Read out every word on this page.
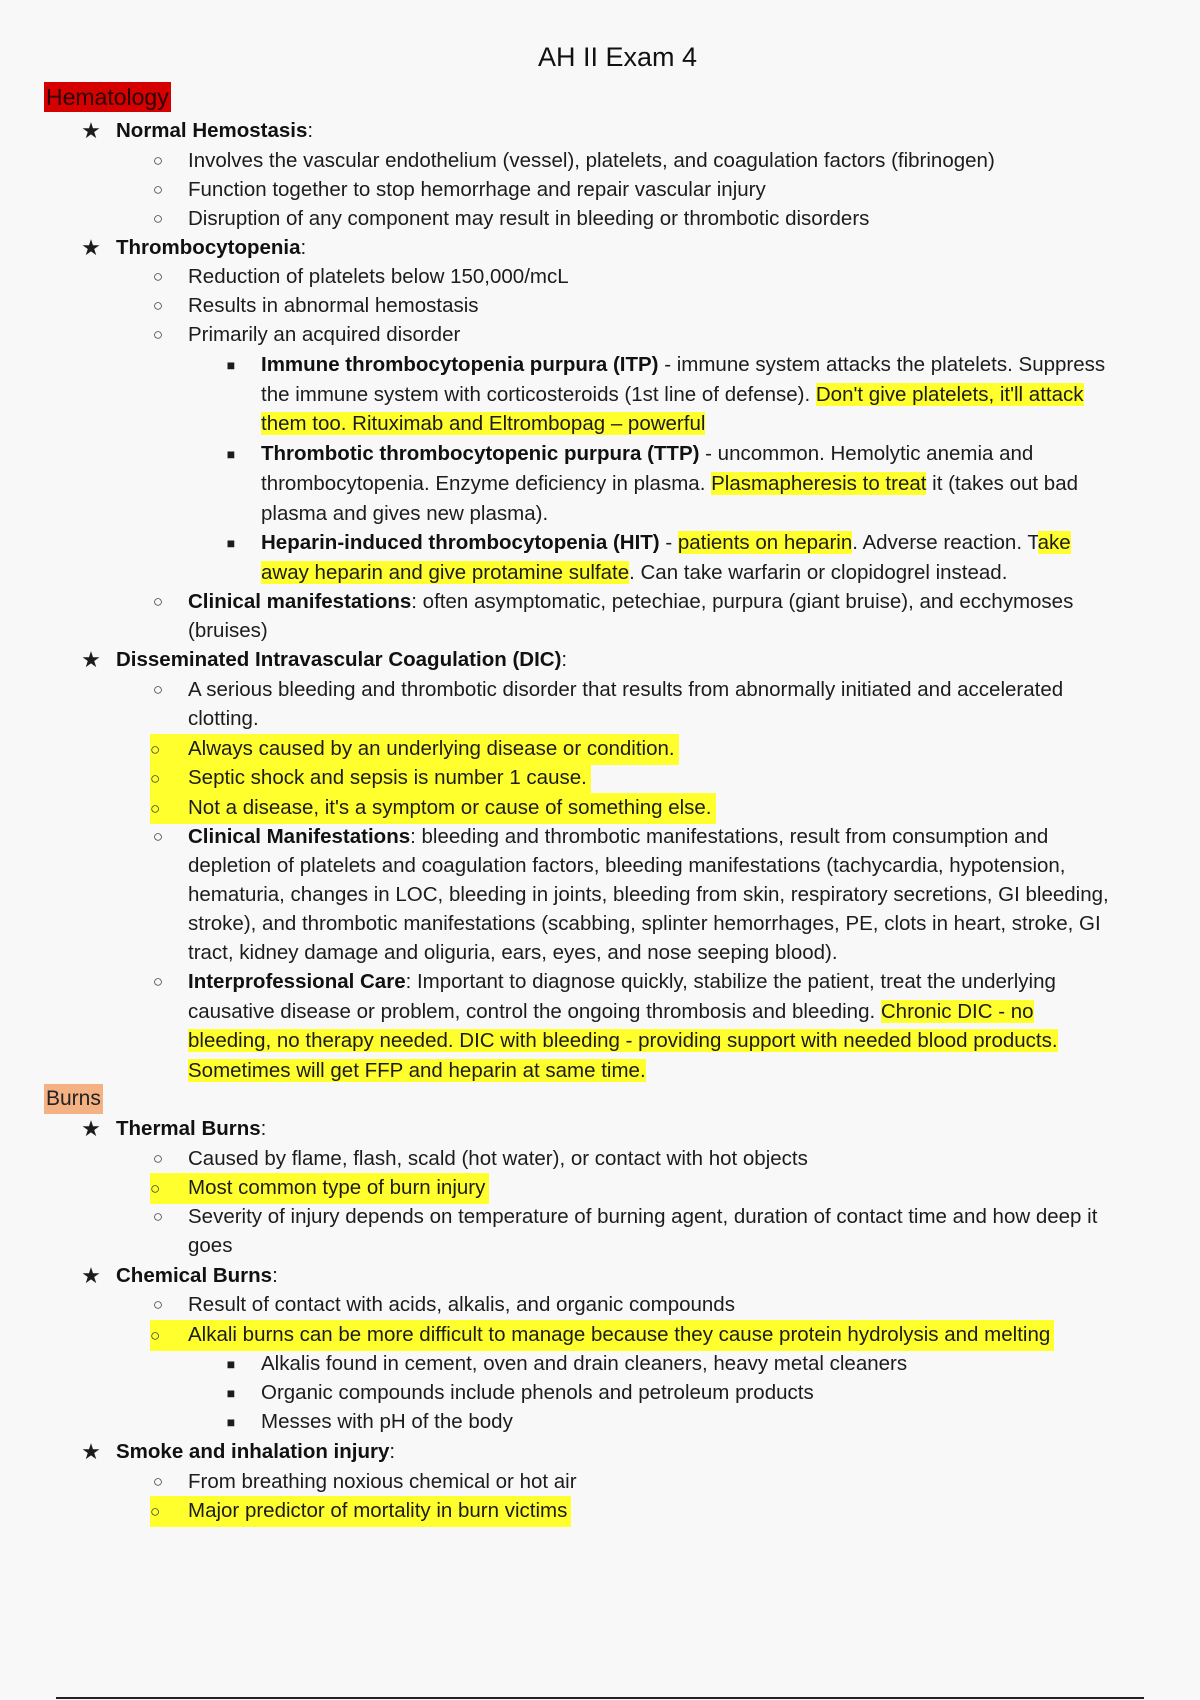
AH II Exam 4
Hematology
★ Normal Hemostasis:
○ Involves the vascular endothelium (vessel), platelets, and coagulation factors (fibrinogen)
○ Function together to stop hemorrhage and repair vascular injury
○ Disruption of any component may result in bleeding or thrombotic disorders
★ Thrombocytopenia:
○ Reduction of platelets below 150,000/mcL
○ Results in abnormal hemostasis
○ Primarily an acquired disorder
■ Immune thrombocytopenia purpura (ITP) - immune system attacks the platelets. Suppress
the immune system with corticosteroids (1st line of defense). Don't give platelets, it'll attack
them too. Rituximab and Eltrombopag – powerful
■ Thrombotic thrombocytopenic purpura (TTP) - uncommon. Hemolytic anemia and
thrombocytopenia. Enzyme deficiency in plasma. Plasmapheresis to treat it (takes out bad
plasma and gives new plasma).
■ Heparin-induced thrombocytopenia (HIT) - patients on heparin. Adverse reaction. Take
away heparin and give protamine sulfate. Can take warfarin or clopidogrel instead.
○ Clinical manifestations: often asymptomatic, petechiae, purpura (giant bruise), and ecchymoses
(bruises)
★ Disseminated Intravascular Coagulation (DIC):
○ A serious bleeding and thrombotic disorder that results from abnormally initiated and accelerated
clotting.
○ Always caused by an underlying disease or condition.
○ Septic shock and sepsis is number 1 cause.
○ Not a disease, it's a symptom or cause of something else.
○ Clinical Manifestations: bleeding and thrombotic manifestations, result from consumption and
depletion of platelets and coagulation factors, bleeding manifestations (tachycardia, hypotension,
hematuria, changes in LOC, bleeding in joints, bleeding from skin, respiratory secretions, GI bleeding,
stroke), and thrombotic manifestations (scabbing, splinter hemorrhages, PE, clots in heart, stroke, GI
tract, kidney damage and oliguria, ears, eyes, and nose seeping blood).
○ Interprofessional Care: Important to diagnose quickly, stabilize the patient, treat the underlying
causative disease or problem, control the ongoing thrombosis and bleeding. Chronic DIC - no
bleeding, no therapy needed. DIC with bleeding - providing support with needed blood products.
Sometimes will get FFP and heparin at same time.
Burns
★ Thermal Burns:
○ Caused by flame, flash, scald (hot water), or contact with hot objects
○ Most common type of burn injury
○ Severity of injury depends on temperature of burning agent, duration of contact time and how deep it
goes
★ Chemical Burns:
○ Result of contact with acids, alkalis, and organic compounds
○ Alkali burns can be more difficult to manage because they cause protein hydrolysis and melting
■ Alkalis found in cement, oven and drain cleaners, heavy metal cleaners
■ Organic compounds include phenols and petroleum products
■ Messes with pH of the body
★ Smoke and inhalation injury:
○ From breathing noxious chemical or hot air
○ Major predictor of mortality in burn victims
